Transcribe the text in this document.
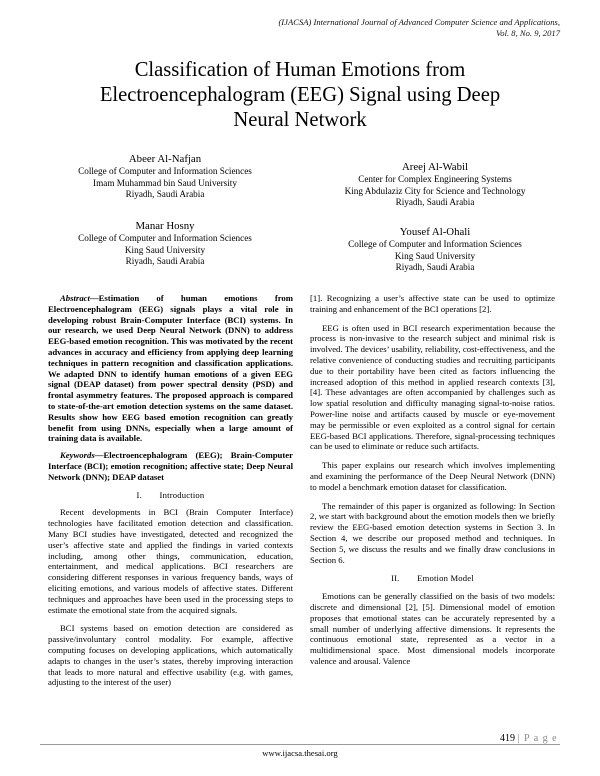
(IJACSA) International Journal of Advanced Computer Science and Applications,
Vol. 8, No. 9, 2017
Classification of Human Emotions from
Electroencephalogram (EEG) Signal using Deep
Neural Network
Abeer Al-Nafjan
College of Computer and Information Sciences
Imam Muhammad bin Saud University
Riyadh, Saudi Arabia
Areej Al-Wabil
Center for Complex Engineering Systems
King Abdulaziz City for Science and Technology
Riyadh, Saudi Arabia
Manar Hosny
College of Computer and Information Sciences
King Saud University
Riyadh, Saudi Arabia
Yousef Al-Ohali
College of Computer and Information Sciences
King Saud University
Riyadh, Saudi Arabia
Abstract—Estimation of human emotions from Electroencephalogram (EEG) signals plays a vital role in developing robust Brain-Computer Interface (BCI) systems. In our research, we used Deep Neural Network (DNN) to address EEG-based emotion recognition. This was motivated by the recent advances in accuracy and efficiency from applying deep learning techniques in pattern recognition and classification applications. We adapted DNN to identify human emotions of a given EEG signal (DEAP dataset) from power spectral density (PSD) and frontal asymmetry features. The proposed approach is compared to state-of-the-art emotion detection systems on the same dataset. Results show how EEG based emotion recognition can greatly benefit from using DNNs, especially when a large amount of training data is available.
Keywords—Electroencephalogram (EEG); Brain-Computer Interface (BCI); emotion recognition; affective state; Deep Neural Network (DNN); DEAP dataset
I.  Introduction

Recent developments in BCI (Brain Computer Interface) technologies have facilitated emotion detection and classification. Many BCI studies have investigated, detected and recognized the user’s affective state and applied the findings in varied contexts including, among other things, communication, education, entertainment, and medical applications. BCI researchers are considering different responses in various frequency bands, ways of eliciting emotions, and various models of affective states. Different techniques and approaches have been used in the processing steps to estimate the emotional state from the acquired signals.

BCI systems based on emotion detection are considered as passive/involuntary control modality. For example, affective computing focuses on developing applications, which automatically adapts to changes in the user’s states, thereby improving interaction that leads to more natural and effective usability (e.g. with games, adjusting to the interest of the user)

[1]. Recognizing a user’s affective state can be used to optimize training and enhancement of the BCI operations [2].

EEG is often used in BCI research experimentation because the process is non-invasive to the research subject and minimal risk is involved. The devices’ usability, reliability, cost-effectiveness, and the relative convenience of conducting studies and recruiting participants due to their portability have been cited as factors influencing the increased adoption of this method in applied research contexts [3], [4]. These advantages are often accompanied by challenges such as low spatial resolution and difficulty managing signal-to-noise ratios. Power-line noise and artifacts caused by muscle or eye-movement may be permissible or even exploited as a control signal for certain EEG-based BCI applications. Therefore, signal-processing techniques can be used to eliminate or reduce such artifacts.

This paper explains our research which involves implementing and examining the performance of the Deep Neural Network (DNN) to model a benchmark emotion dataset for classification.

The remainder of this paper is organized as following: In Section 2, we start with background about the emotion models then we briefly review the EEG-based emotion detection systems in Section 3. In Section 4, we describe our proposed method and techniques. In Section 5, we discuss the results and we finally draw conclusions in Section 6.

II.  Emotion Model

Emotions can be generally classified on the basis of two models: discrete and dimensional [2], [5]. Dimensional model of emotion proposes that emotional states can be accurately represented by a small number of underlying affective dimensions. It represents the continuous emotional state, represented as a vector in a multidimensional space. Most dimensional models incorporate valence and arousal. Valence

419 | P a g e
www.ijacsa.thesai.org
